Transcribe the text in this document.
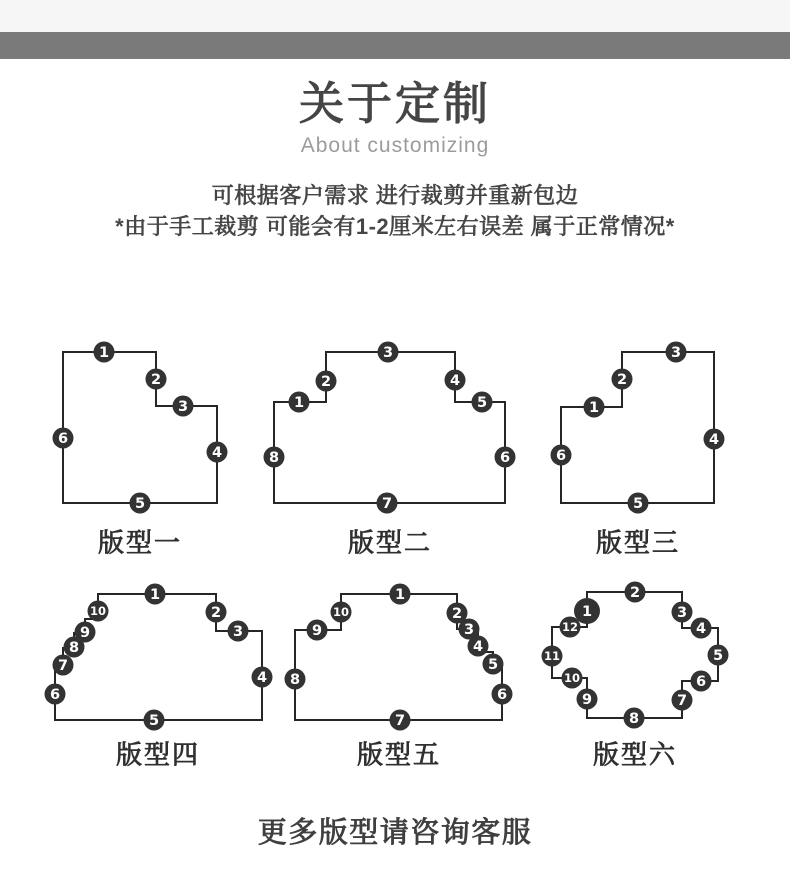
关于定制
About customizing

可根据客户需求 进行裁剪并重新包边
*由于手工裁剪 可能会有1-2厘米左右误差 属于正常情况*

1
2
3
4
5
6
1
2
3
4
5
6
7
8
1
2
3
4
5
6
1
2
3
4
5
6
7
8
9
10
1
2
3
4
5
6
7
8
9
10	1
2
3
4
5
6
7
8
9
10
11
12
版型一	版型二	版型三
版型四	版型五	版型六
更多版型请咨询客服
